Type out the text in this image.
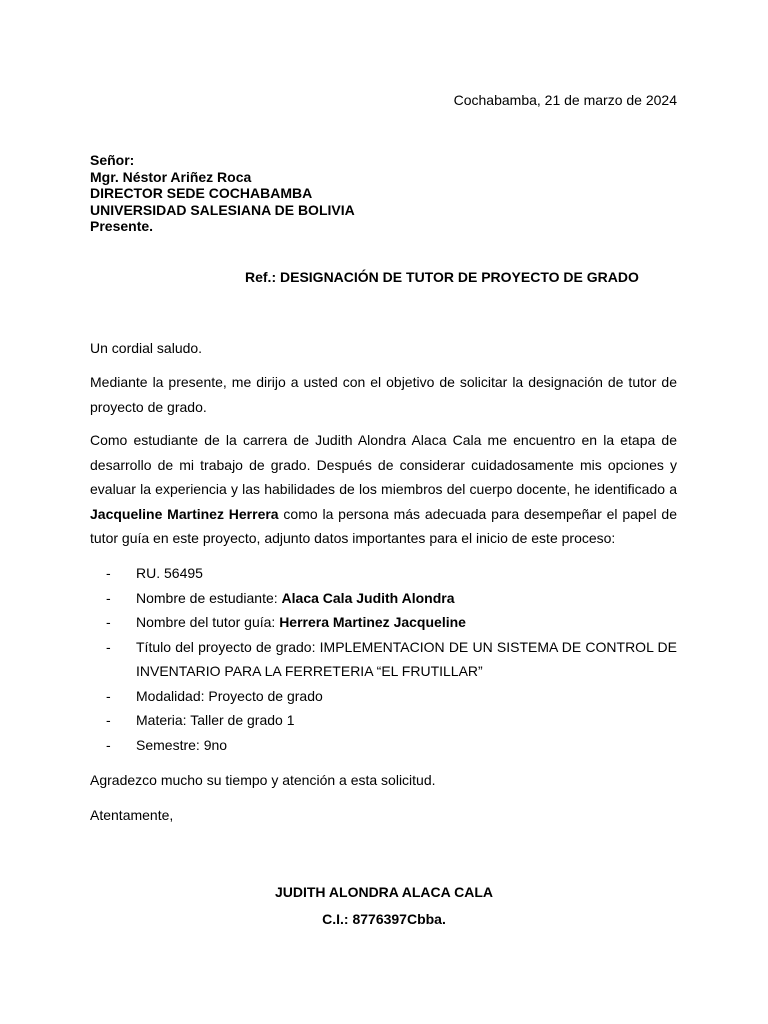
Cochabamba, 21 de marzo de 2024
Señor:
Mgr. Néstor Ariñez Roca
DIRECTOR SEDE COCHABAMBA
UNIVERSIDAD SALESIANA DE BOLIVIA
Presente.
Ref.: DESIGNACIÓN DE TUTOR DE PROYECTO DE GRADO
Un cordial saludo.
Mediante la presente, me dirijo a usted con el objetivo de solicitar la designación de tutor de proyecto de grado.
Como estudiante de la carrera de Judith Alondra Alaca Cala me encuentro en la etapa de desarrollo de mi trabajo de grado. Después de considerar cuidadosamente mis opciones y evaluar la experiencia y las habilidades de los miembros del cuerpo docente, he identificado a Jacqueline Martinez Herrera como la persona más adecuada para desempeñar el papel de tutor guía en este proyecto, adjunto datos importantes para el inicio de este proceso:
- RU. 56495
- Nombre de estudiante: Alaca Cala Judith Alondra
- Nombre del tutor guía: Herrera Martinez Jacqueline
- Título del proyecto de grado: IMPLEMENTACION DE UN SISTEMA DE CONTROL DE INVENTARIO PARA LA FERRETERIA “EL FRUTILLAR”
- Modalidad: Proyecto de grado
- Materia: Taller de grado 1
- Semestre: 9no
Agradezco mucho su tiempo y atención a esta solicitud.
Atentamente,
JUDITH ALONDRA ALACA CALA
C.I.: 8776397Cbba.
